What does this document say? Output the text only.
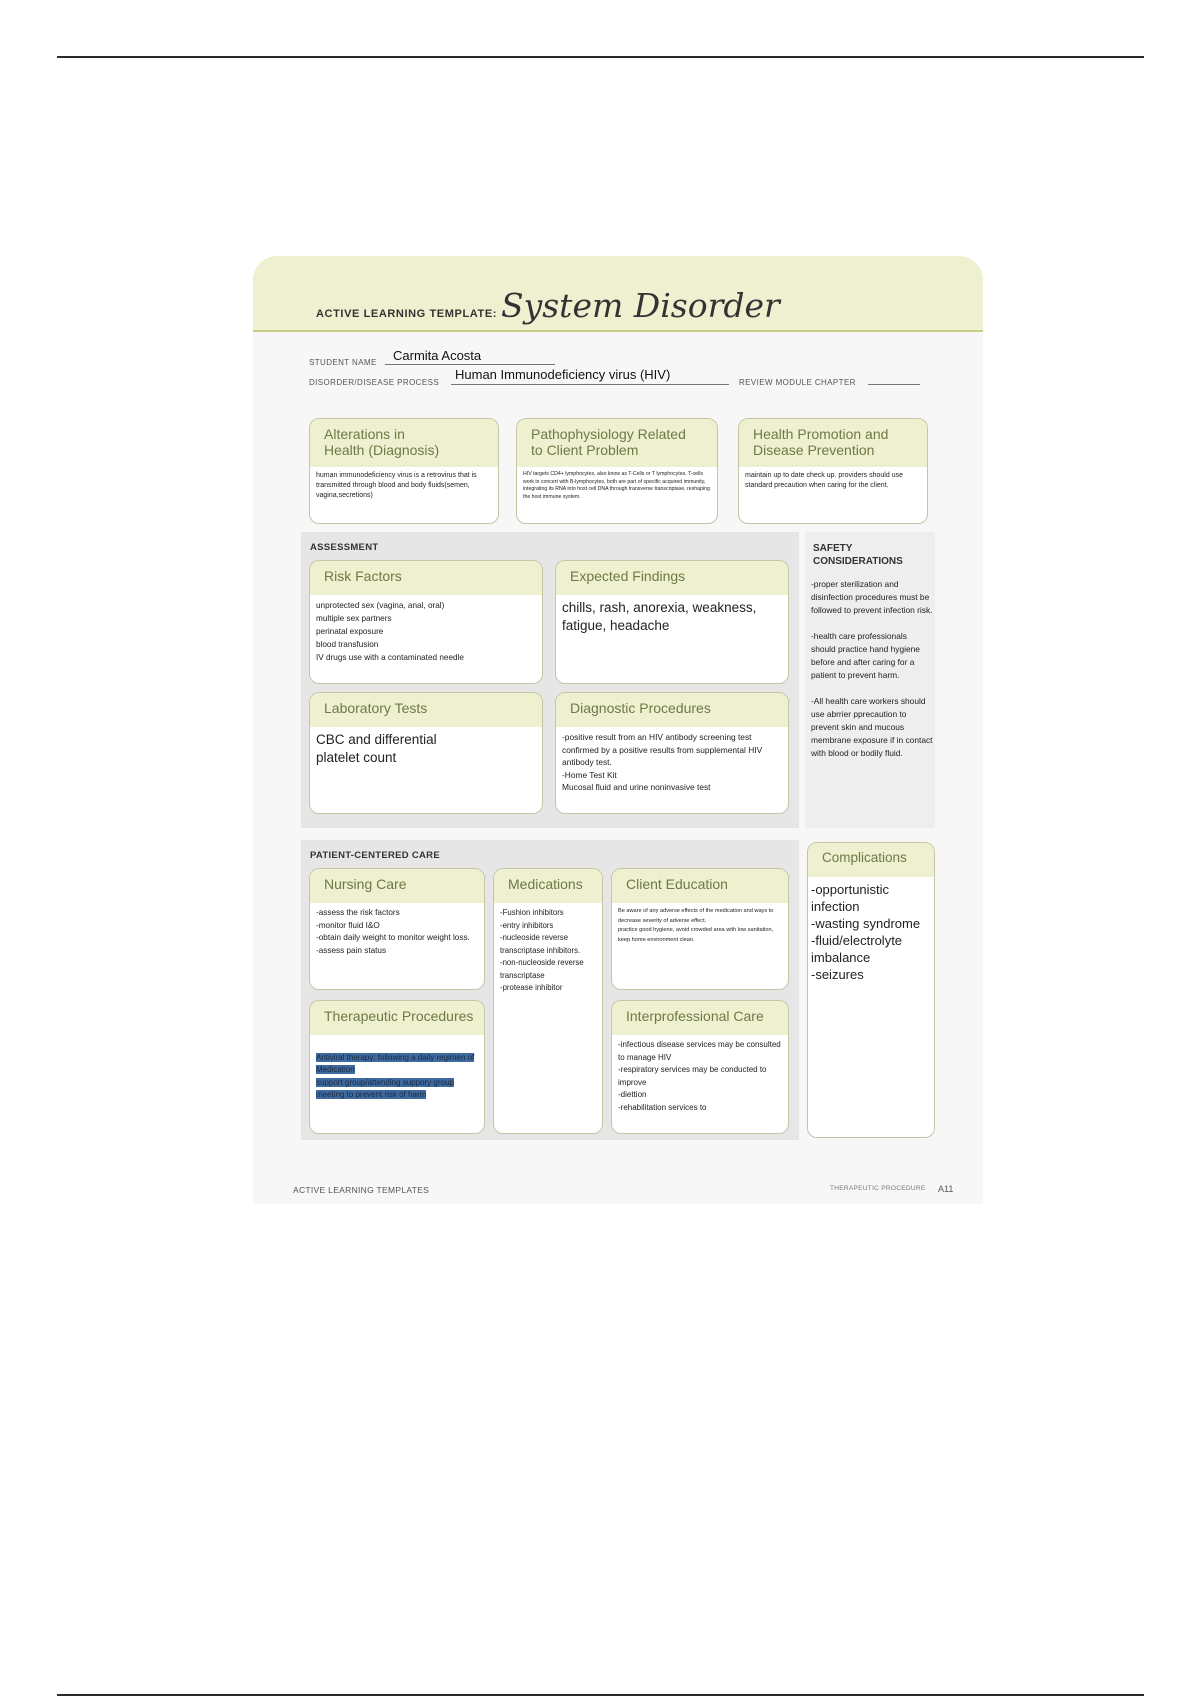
ACTIVE LEARNING TEMPLATE: System Disorder
STUDENT NAME Carmita Acosta
DISORDER/DISEASE PROCESS
Human Immunodeficiency virus (HIV)
REVIEW MODULE CHAPTER
Alterations in
Health (Diagnosis)
human immunodeficiency virus is a retrovirus that is transmitted through blood and body fluids(semen, vagina,secretions)
Pathophysiology Related
to Client Problem
HIV targets CD4+ lymphocytes, also know as T-Cells or T lymphocytes. T-cells work in concert with B-lymphocytes, both are part of specific acquired immunity, integrating its RNA into host cell DNA through transverse transcriptase, reshaping the host immune system.
Health Promotion and
Disease Prevention
maintain up to date check up. providers should use standard precaution when caring for the client.
ASSESSMENT
Risk Factors
unprotected sex (vagina, anal, oral)
multiple sex partners
perinatal exposure
blood transfusion
IV drugs use with a contaminated needle
Expected Findings
chills, rash, anorexia, weakness, fatigue, headache
Laboratory Tests
CBC and differential
platelet count
Diagnostic Procedures
-positive result from an HIV antibody screening test confirmed by a positive results from supplemental HIV antibody test.
-Home Test Kit
Mucosal fluid and urine noninvasive test
SAFETY
CONSIDERATIONS
-proper sterilization and disinfection procedures must be followed to prevent infection risk.

-health care professionals should practice hand hygiene before and after caring for a patient to prevent harm.

-All health care workers should use abrrier pprecaution to prevent skin and mucous membrane exposure if in contact with blood or bodily fluid.
PATIENT-CENTERED CARE
Nursing Care
-assess the risk factors
-monitor fluid I&O
-obtain daily weight to monitor weight loss.
-assess pain status
Medications
-Fushion inhibitors
-entry inhibitors
-nucleoside reverse transcriptase inhibitors.
-non-nucleoside reverse transcriptase
-protease inhibitor
Client Education
Be aware of any adverse effects of the medication and ways to decrease severity of adverse effect.
practice good hygiene, avoid crowded area with low sanitation, keep home environment clean.
Therapeutic Procedures

Antiviral therapy: following a daily regimen of Medication
support group/attending suppory group meeting to prevent risk of harm

Interprofessional Care
-infectious disease services may be consulted to manage HIV
-respiratory services may be conducted to improve
-diettion
-rehabilitation services to
Complications
-opportunistic infection
-wasting syndrome
-fluid/electrolyte imbalance
-seizures
ACTIVE LEARNING TEMPLATES	THERAPEUTIC PROCEDURE A11
